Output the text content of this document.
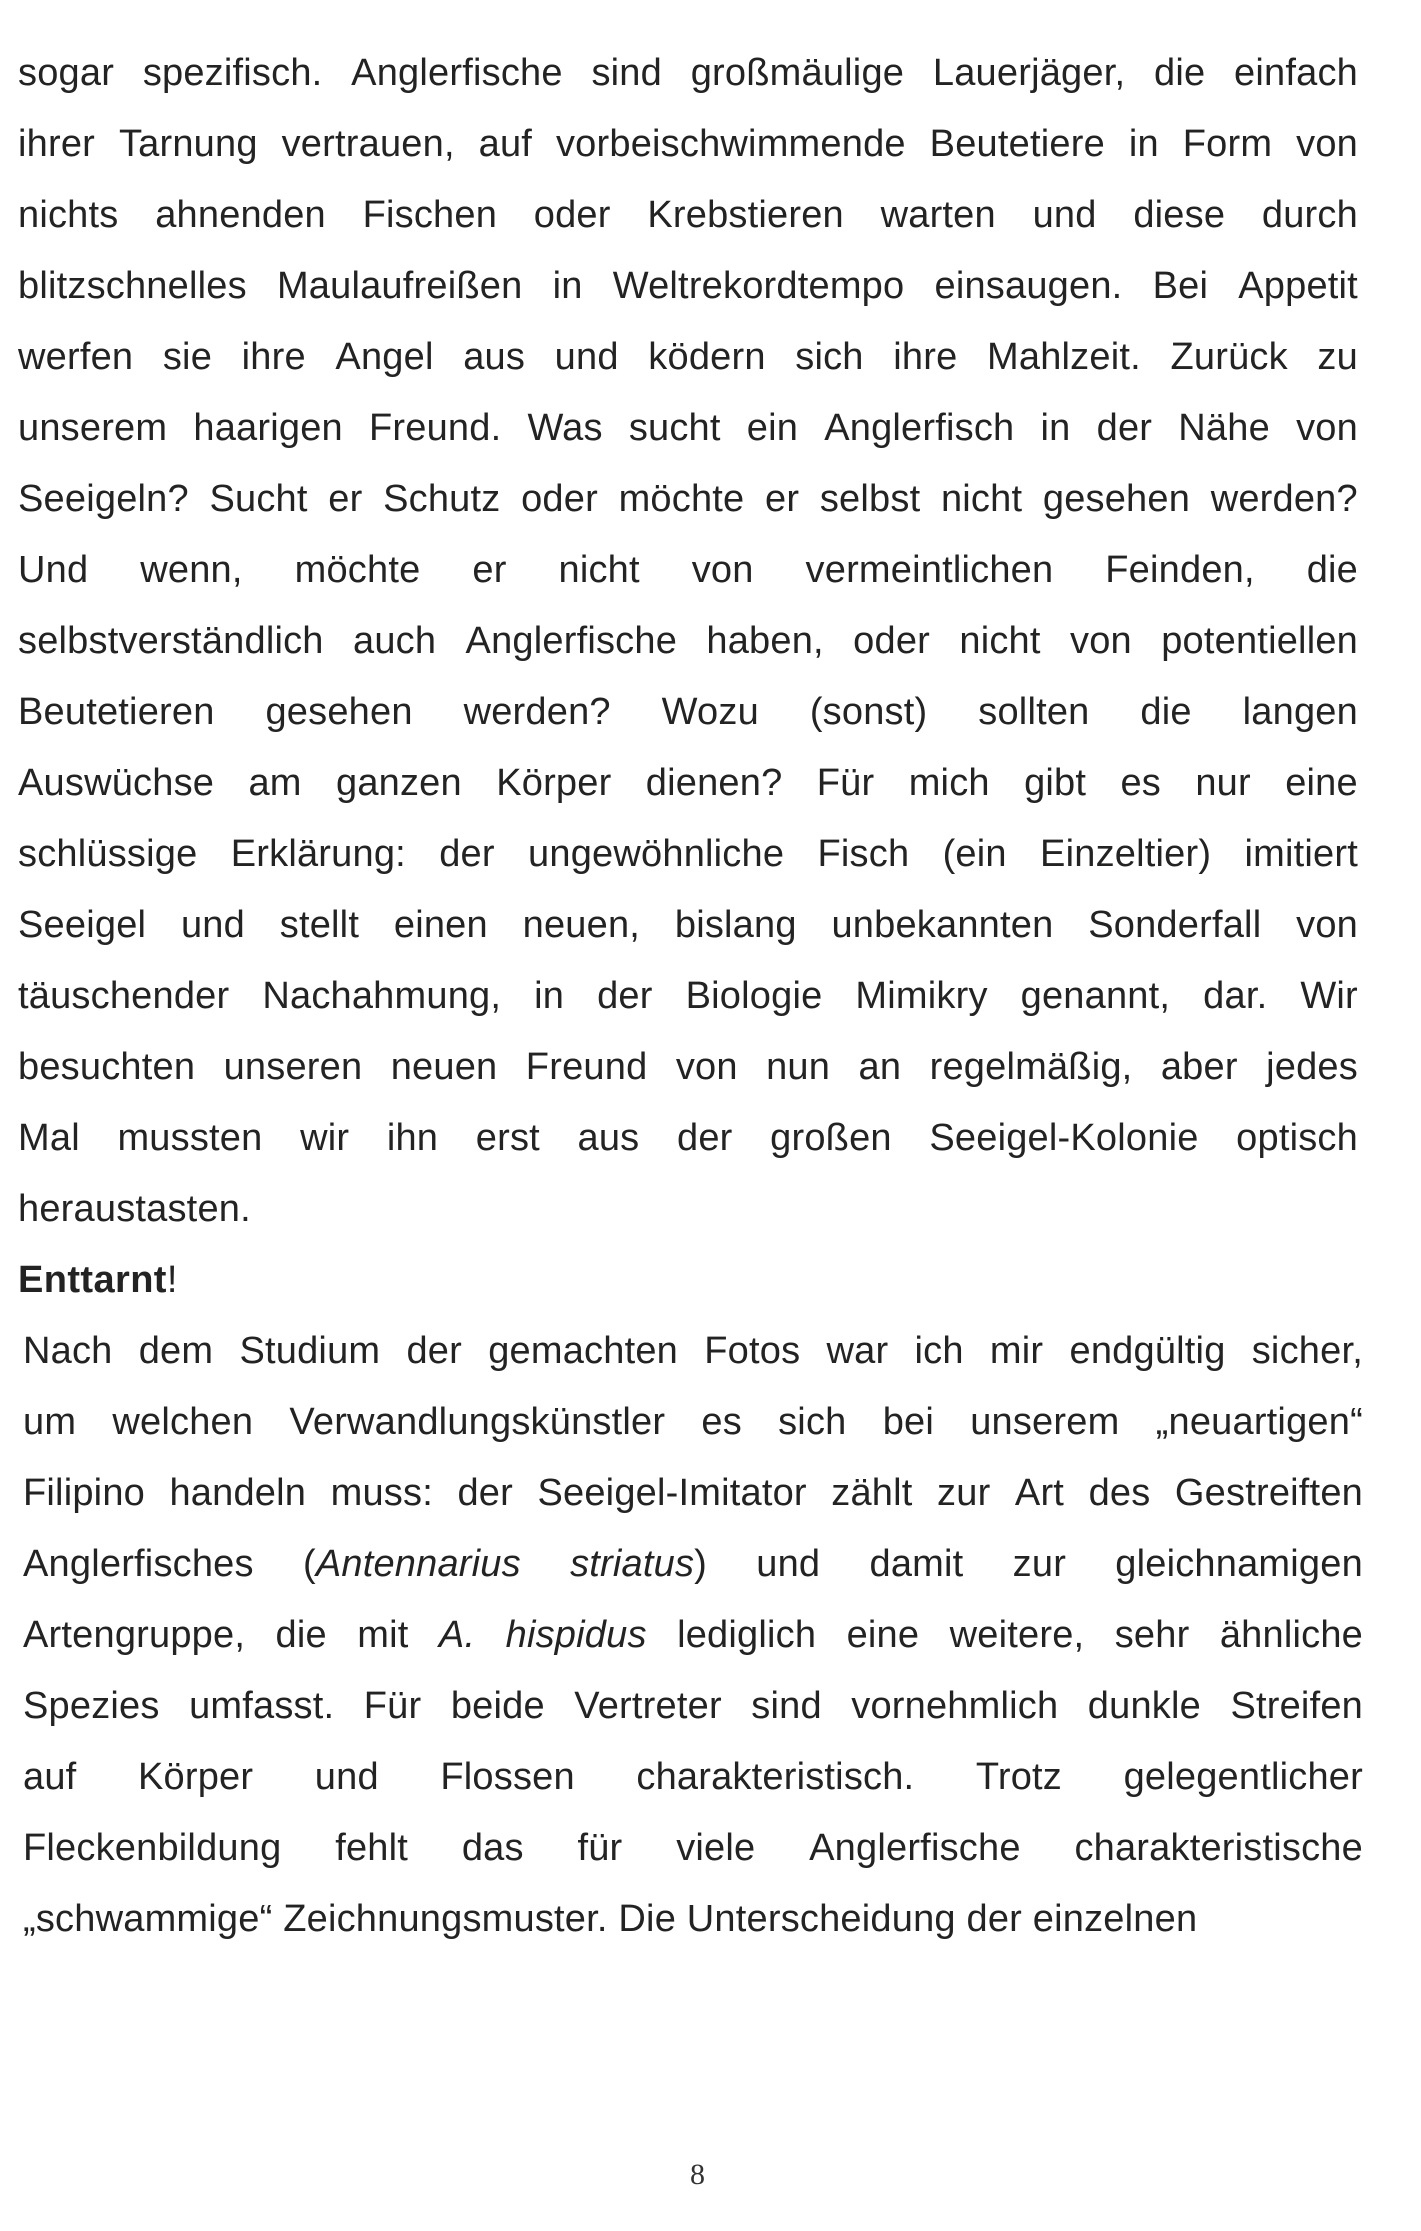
sogar spezifisch. Anglerfische sind großmäulige Lauerjäger, die einfach
ihrer Tarnung vertrauen, auf vorbeischwimmende Beutetiere in Form von
nichts ahnenden Fischen oder Krebstieren warten und diese durch
blitzschnelles Maulaufreißen in Weltrekordtempo einsaugen. Bei Appetit
werfen sie ihre Angel aus und ködern sich ihre Mahlzeit. Zurück zu
unserem haarigen Freund. Was sucht ein Anglerfisch in der Nähe von
Seeigeln? Sucht er Schutz oder möchte er selbst nicht gesehen werden?
Und wenn, möchte er nicht von vermeintlichen Feinden, die
selbstverständlich auch Anglerfische haben, oder nicht von potentiellen
Beutetieren gesehen werden? Wozu (sonst) sollten die langen
Auswüchse am ganzen Körper dienen? Für mich gibt es nur eine
schlüssige Erklärung: der ungewöhnliche Fisch (ein Einzeltier) imitiert
Seeigel und stellt einen neuen, bislang unbekannten Sonderfall von
täuschender Nachahmung, in der Biologie Mimikry genannt, dar. Wir
besuchten unseren neuen Freund von nun an regelmäßig, aber jedes
Mal mussten wir ihn erst aus der großen Seeigel-Kolonie optisch
heraustasten.
Enttarnt!
Nach dem Studium der gemachten Fotos war ich mir endgültig sicher,
um welchen Verwandlungskünstler es sich bei unserem „neuartigen“
Filipino handeln muss: der Seeigel-Imitator zählt zur Art des Gestreiften
Anglerfisches (Antennarius striatus) und damit zur gleichnamigen
Artengruppe, die mit A. hispidus lediglich eine weitere, sehr ähnliche
Spezies umfasst. Für beide Vertreter sind vornehmlich dunkle Streifen
auf Körper und Flossen charakteristisch. Trotz gelegentlicher
Fleckenbildung fehlt das für viele Anglerfische charakteristische
„schwammige“ Zeichnungsmuster. Die Unterscheidung der einzelnen
8
